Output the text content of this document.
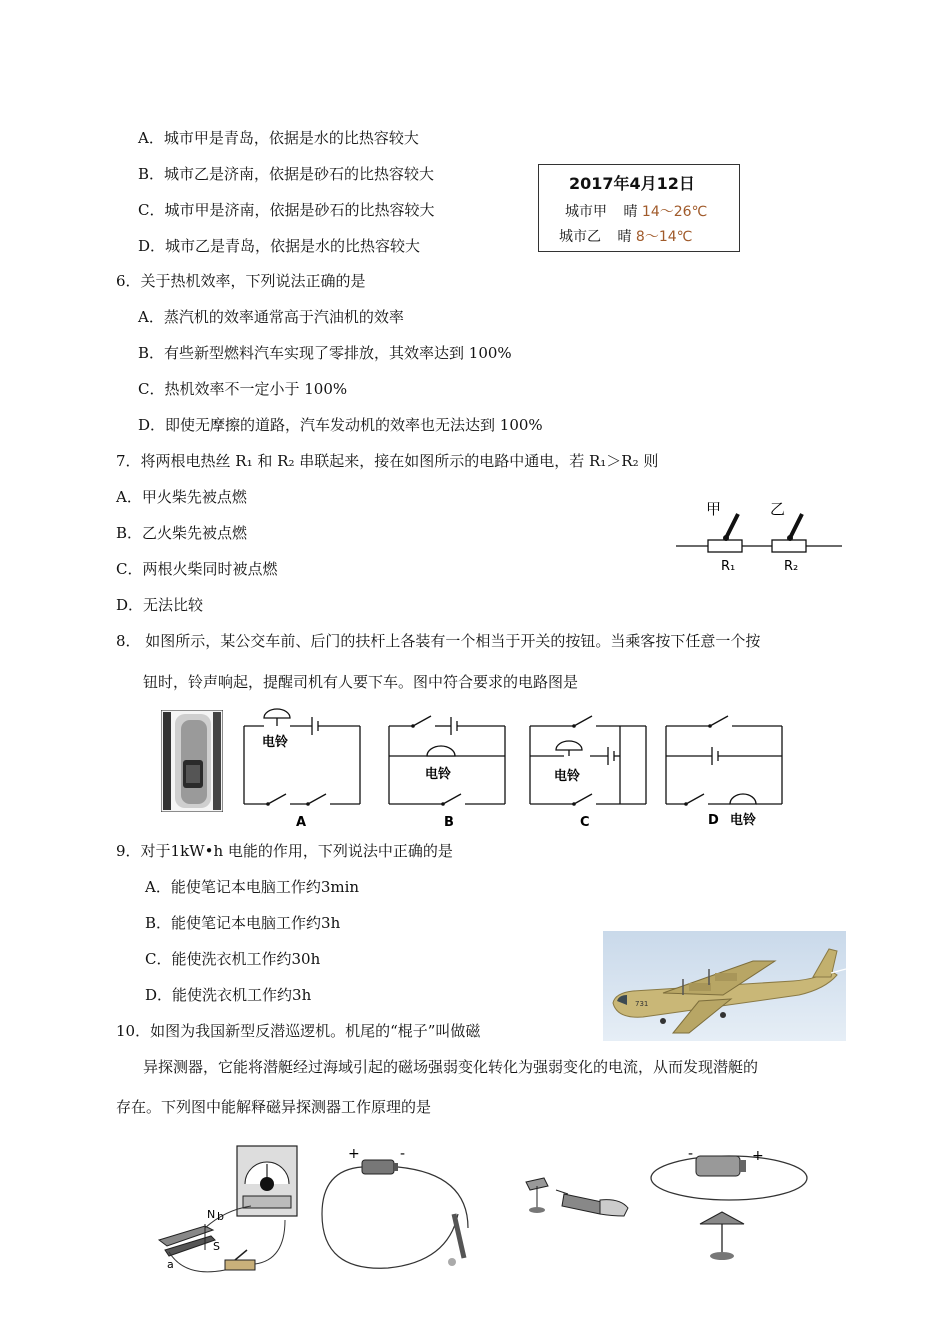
A．城市甲是青岛，依据是水的比热容较大
B．城市乙是济南，依据是砂石的比热容较大
C．城市甲是济南，依据是砂石的比热容较大
D．城市乙是青岛，依据是水的比热容较大
2017年4月12日
城市甲 晴 14～26℃
城市乙 晴 8～14℃
6．关于热机效率，下列说法正确的是
A．蒸汽机的效率通常高于汽油机的效率
B．有些新型燃料汽车实现了零排放，其效率达到 100%
C．热机效率不一定小于 100%
D．即使无摩擦的道路，汽车发动机的效率也无法达到 100%
7．将两根电热丝 R₁ 和 R₂ 串联起来，接在如图所示的电路中通电，若 R₁＞R₂ 则
A．甲火柴先被点燃
B．乙火柴先被点燃
C．两根火柴同时被点燃
D．无法比较
甲	乙
R₁	R₂
8． 如图所示，某公交车前、后门的扶杆上各装有一个相当于开关的按钮。当乘客按下任意一个按
钮时，铃声响起，提醒司机有人要下车。图中符合要求的电路图是
电铃
A
电铃
B
电铃
C	D 电铃
9．对于1kW•h 电能的作用，下列说法中正确的是
A．能使笔记本电脑工作约3min
B．能使笔记本电脑工作约3h
C．能使洗衣机工作约30h
D．能使洗衣机工作约3h	731
10．如图为我国新型反潜巡逻机。机尾的“棍子”叫做磁
异探测器，它能将潜艇经过海域引起的磁场强弱变化转化为强弱变化的电流，从而发现潜艇的
存在。下列图中能解释磁异探测器工作原理的是
N b
S
a
+	-	-	+
